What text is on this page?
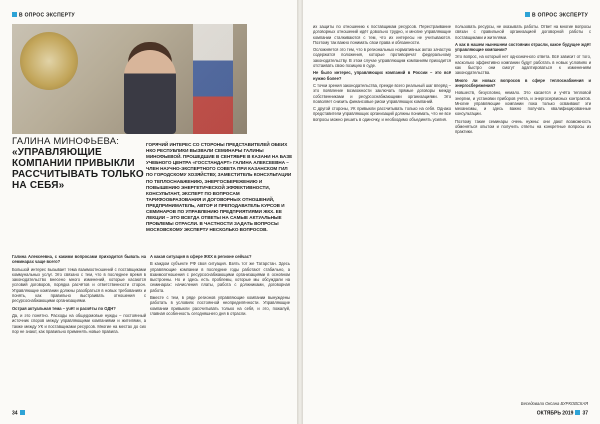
В ОПРОС ЭКСПЕРТУ
ГАЛИНА МИНОФЬЕВА:
«УПРАВЛЯЮЩИЕ КОМПАНИИ ПРИВЫКЛИ РАССЧИТЫВАТЬ ТОЛЬКО НА СЕБЯ»
ГОРЯЧИЙ ИНТЕРЕС СО СТОРОНЫ ПРЕДСТАВИТЕЛЕЙ ОБЕИХ НКО РЕСПУБЛИКИ ВЫЗВАЛИ СЕМИНАРЫ ГАЛИНЫ МИНОФЬЕВОЙ. ПРОШЕДШИЕ В СЕНТЯБРЕ В КАЗАНИ НА БАЗЕ УЧЕБНОГО ЦЕНТРА «ГОССТАНДАРТ» ГАЛИНА АЛЕКСЕЕВНА – ЧЛЕН НАУЧНО-ЭКСПЕРТНОГО СОВЕТА ПРИ КАЗАНСКОМ ГИЛ ПО ГОРОДСКОМУ ХОЗЯЙСТВУ, ЗАМЕСТИТЕЛЬ КОНСУЛЬТАЦИИ ПО ТЕПЛОСНАБЖЕНИЮ, ЭНЕРГОСБЕРЕЖЕНИЮ И ПОВЫШЕНИЮ ЭНЕРГЕТИЧЕСКОЙ ЭФФЕКТИВНОСТИ, КОНСУЛЬТАНТ, ЭКСПЕРТ ПО ВОПРОСАМ ТАРИФООБРАЗОВАНИЯ И ДОГОВОРНЫХ ОТНОШЕНИЙ, ПРЕДПРИНИМАТЕЛЬ, АВТОР И ПРЕПОДАВАТЕЛЬ КУРСОВ И СЕМИНАРОВ ПО УПРАВЛЕНИЮ ПРЕДПРИЯТИЯМИ ЖКХ. ЕЕ ЛЕКЦИИ – ЭТО ВСЕГДА ОТВЕТЫ НА САМЫЕ АКТУАЛЬНЫЕ ПРОБЛЕМЫ ОТРАСЛИ. В ЧАСТНОСТИ ЗАДАТЬ ВОПРОСЫ МОСКОВСКОМУ ЭКСПЕРТУ НЕСКОЛЬКО ВОПРОСОВ.

Галина Алексеевна, с какими вопросами приходится бывать на семинарах чаще всего?

Большой интерес вызывает тема взаимоотношений с поставщиками коммунальных услуг. Это связано с тем, что в последнее время в законодательство внесено много изменений, которые касаются условий договоров, порядка расчётов и ответственности сторон. Управляющие компании должны разобраться в новых требованиях и понять, как правильно выстраивать отношения с ресурсоснабжающими организациями.

Острая актуальная тема – учёт и расчёты по ОДН?

Да, и это понятно. Расходы на общедомовые нужды – постоянный источник споров между управляющими компаниями и жителями, а также между УК и поставщиками ресурсов. Многие на местах до сих пор не знают, как правильно применять новые правила.

А какая ситуация в сфере ЖКХ в регионе сейчас?

В каждом субъекте РФ своя ситуация. Взять тот же Татарстан. Здесь управляющие компании в последние годы работают стабильно, а взаимоотношения с ресурсоснабжающими организациями в основном выстроены. Но и здесь есть проблемы, которые мы обсуждали на семинарах: начисления платы, работа с должниками, договорная работа.

Вместе с тем, в ряде регионов управляющие компании вынуждены работать в условиях постоянной неопределённости. Управляющие компании привыкли рассчитывать только на себя, и это, пожалуй, главная особенность сегодняшнего дня в отрасли.

34
В ОПРОС ЭКСПЕРТУ

их защиты по отношению к поставщикам ресурсов. Перестраивание договорных отношений идёт довольно трудно, и многие управляющие компании сталкиваются с тем, что их интересы не учитываются. Поэтому так важно понимать свои права и обязанности.

Осложняется это тем, что в региональных нормативных актах зачастую содержатся положения, которые противоречат федеральному законодательству. В этом случае управляющим компаниям приходится отстаивать свою позицию в суде.

Не было интерес, управляющих компаний в России – это всё нужно более?

С точки зрения законодательства, прежде всего реальный шаг вперёд – это появление возможности заключать прямые договоры между собственниками и ресурсоснабжающими организациями. Это позволяет снизить финансовые риски управляющих компаний.

С другой стороны, УК привыкли рассчитывать только на себя. Однако представители управляющих организаций должны понимать, что не все вопросы можно решить в одиночку, и необходимо объединять усилия.

пользовать ресурсы, не оказывать работы. Ответ на многие вопросы связан с правильной организацией договорной работы с поставщиками и жителями.

А как в нашем нынешнем состоянии отрасли, какое будущее ждёт управляющие компании?

Это вопрос, на который нет однозначного ответа. Всё зависит от того, насколько эффективно компании будут работать в новых условиях и как быстро они смогут адаптироваться к изменениям законодательства.

Много ли новых вопросов в сфере теплоснабжения и энергосбережения?

Новшеств, безусловно, немало. Это касается и учёта тепловой энергии, и установки приборов учёта, и энергосервисных контрактов. Многие управляющие компании пока только осваивают эти механизмы, и здесь важно получать квалифицированные консультации.

Поэтому такие семинары очень нужны: они дают возможность обменяться опытом и получить ответы на конкретные вопросы из практики.

Беседовала Оксана БУРКОВСКАЯ
ОКТЯБРЬ 2019 37
